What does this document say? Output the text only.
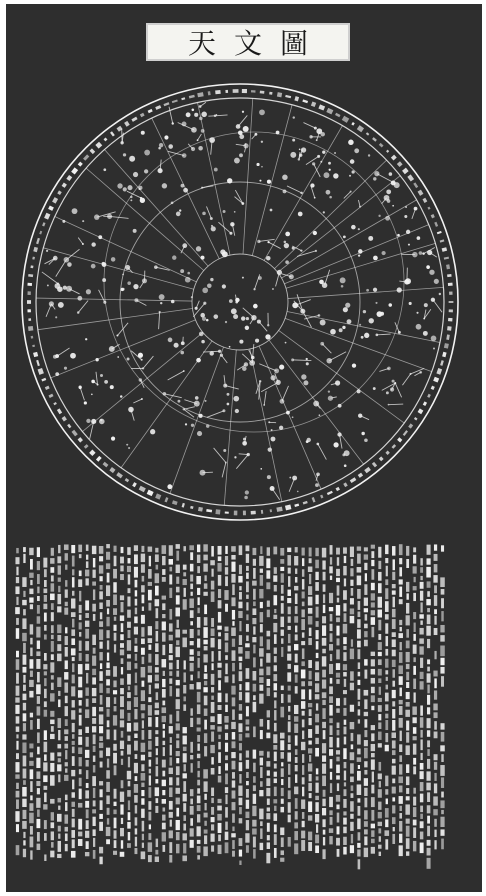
天文圖
